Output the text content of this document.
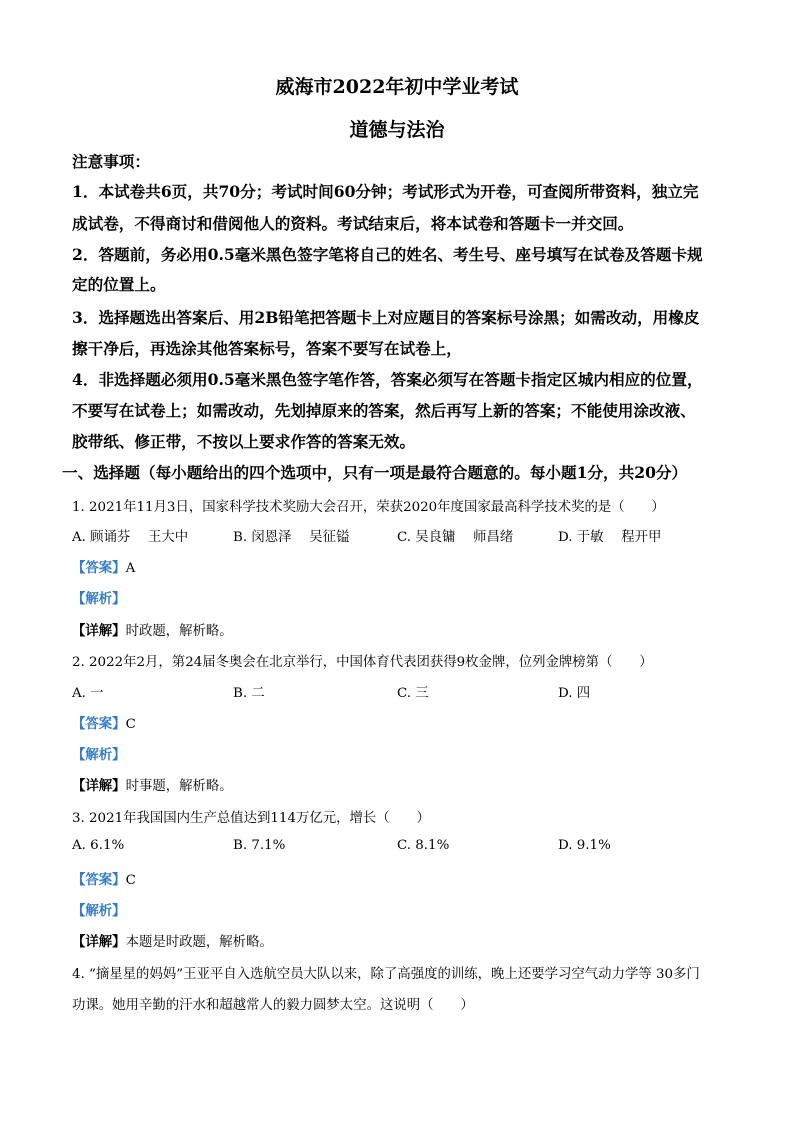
威海市2022年初中学业考试
道德与法治
注意事项：
1．本试卷共6页，共70分；考试时间60分钟；考试形式为开卷，可查阅所带资料，独立完
成试卷，不得商讨和借阅他人的资料。考试结束后，将本试卷和答题卡一并交回。
2．答题前，务必用0.5毫米黑色签字笔将自己的姓名、考生号、座号填写在试卷及答题卡规
定的位置上。
3．选择题选出答案后、用2B铅笔把答题卡上对应题目的答案标号涂黑；如需改动，用橡皮
擦干净后，再选涂其他答案标号，答案不要写在试卷上，
4．非选择题必须用0.5毫米黑色签字笔作答，答案必须写在答题卡指定区城内相应的位置，
不要写在试卷上；如需改动，先划掉原来的答案，然后再写上新的答案；不能使用涂改液、
胶带纸、修正带，不按以上要求作答的答案无效。
一、选择题（每小题给出的四个选项中，只有一项是最符合题意的。每小题1分，共20分）
1. 2021年11月3日，国家科学技术奖励大会召开，荣获2020年度国家最高科学技术奖的是（　　）
A. 顾诵芬　 王大中	B. 闵恩泽　 吴征镒	C. 吴良镛　 师昌绪	D. 于敏　 程开甲
【答案】A
【解析】
【详解】时政题，解析略。
2. 2022年2月，第24届冬奥会在北京举行，中国体育代表团获得9枚金牌，位列金牌榜第（　　）
A. 一	B. 二	C. 三	D. 四
【答案】C
【解析】
【详解】时事题，解析略。
3. 2021年我国国内生产总值达到114万亿元，增长（　　）
A. 6.1%	B. 7.1%	C. 8.1%	D. 9.1%
【答案】C
【解析】
【详解】本题是时政题，解析略。
4. “摘星星的妈妈”王亚平自入选航空员大队以来，除了高强度的训练，晚上还要学习空气动力学等 30多门
功课。她用辛勤的汗水和超越常人的毅力圆梦太空。这说明（　　）
